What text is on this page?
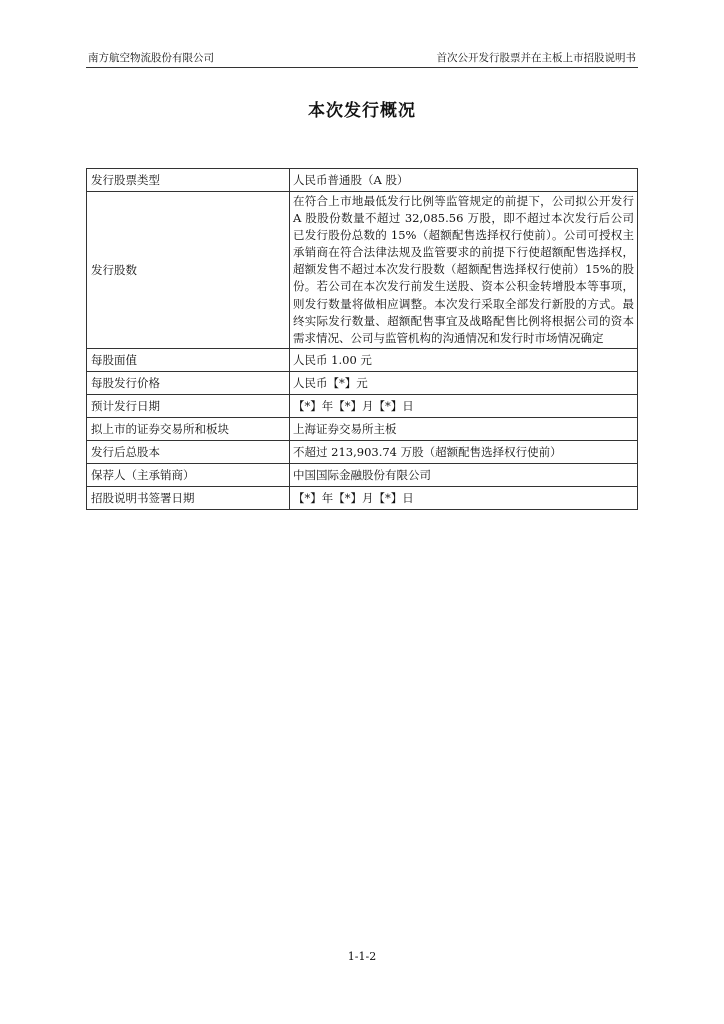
南方航空物流股份有限公司	首次公开发行股票并在主板上市招股说明书
本次发行概况
发行股票类型	人民币普通股（A 股）
发行股数	在符合上市地最低发行比例等监管规定的前提下，公司拟公开发行 A 股股份数量不超过 32,085.56 万股，即不超过本次发行后公司已发行股份总数的 15%（超额配售选择权行使前）。公司可授权主承销商在符合法律法规及监管要求的前提下行使超额配售选择权，超额发售不超过本次发行股数（超额配售选择权行使前）15%的股份。若公司在本次发行前发生送股、资本公积金转增股本等事项，则发行数量将做相应调整。本次发行采取全部发行新股的方式。最终实际发行数量、超额配售事宜及战略配售比例将根据公司的资本需求情况、公司与监管机构的沟通情况和发行时市场情况确定
每股面值	人民币 1.00 元
每股发行价格	人民币【*】元
预计发行日期	【*】年【*】月【*】日
拟上市的证券交易所和板块	上海证券交易所主板
发行后总股本	不超过 213,903.74 万股（超额配售选择权行使前）
保荐人（主承销商）	中国国际金融股份有限公司
招股说明书签署日期	【*】年【*】月【*】日
1-1-2
